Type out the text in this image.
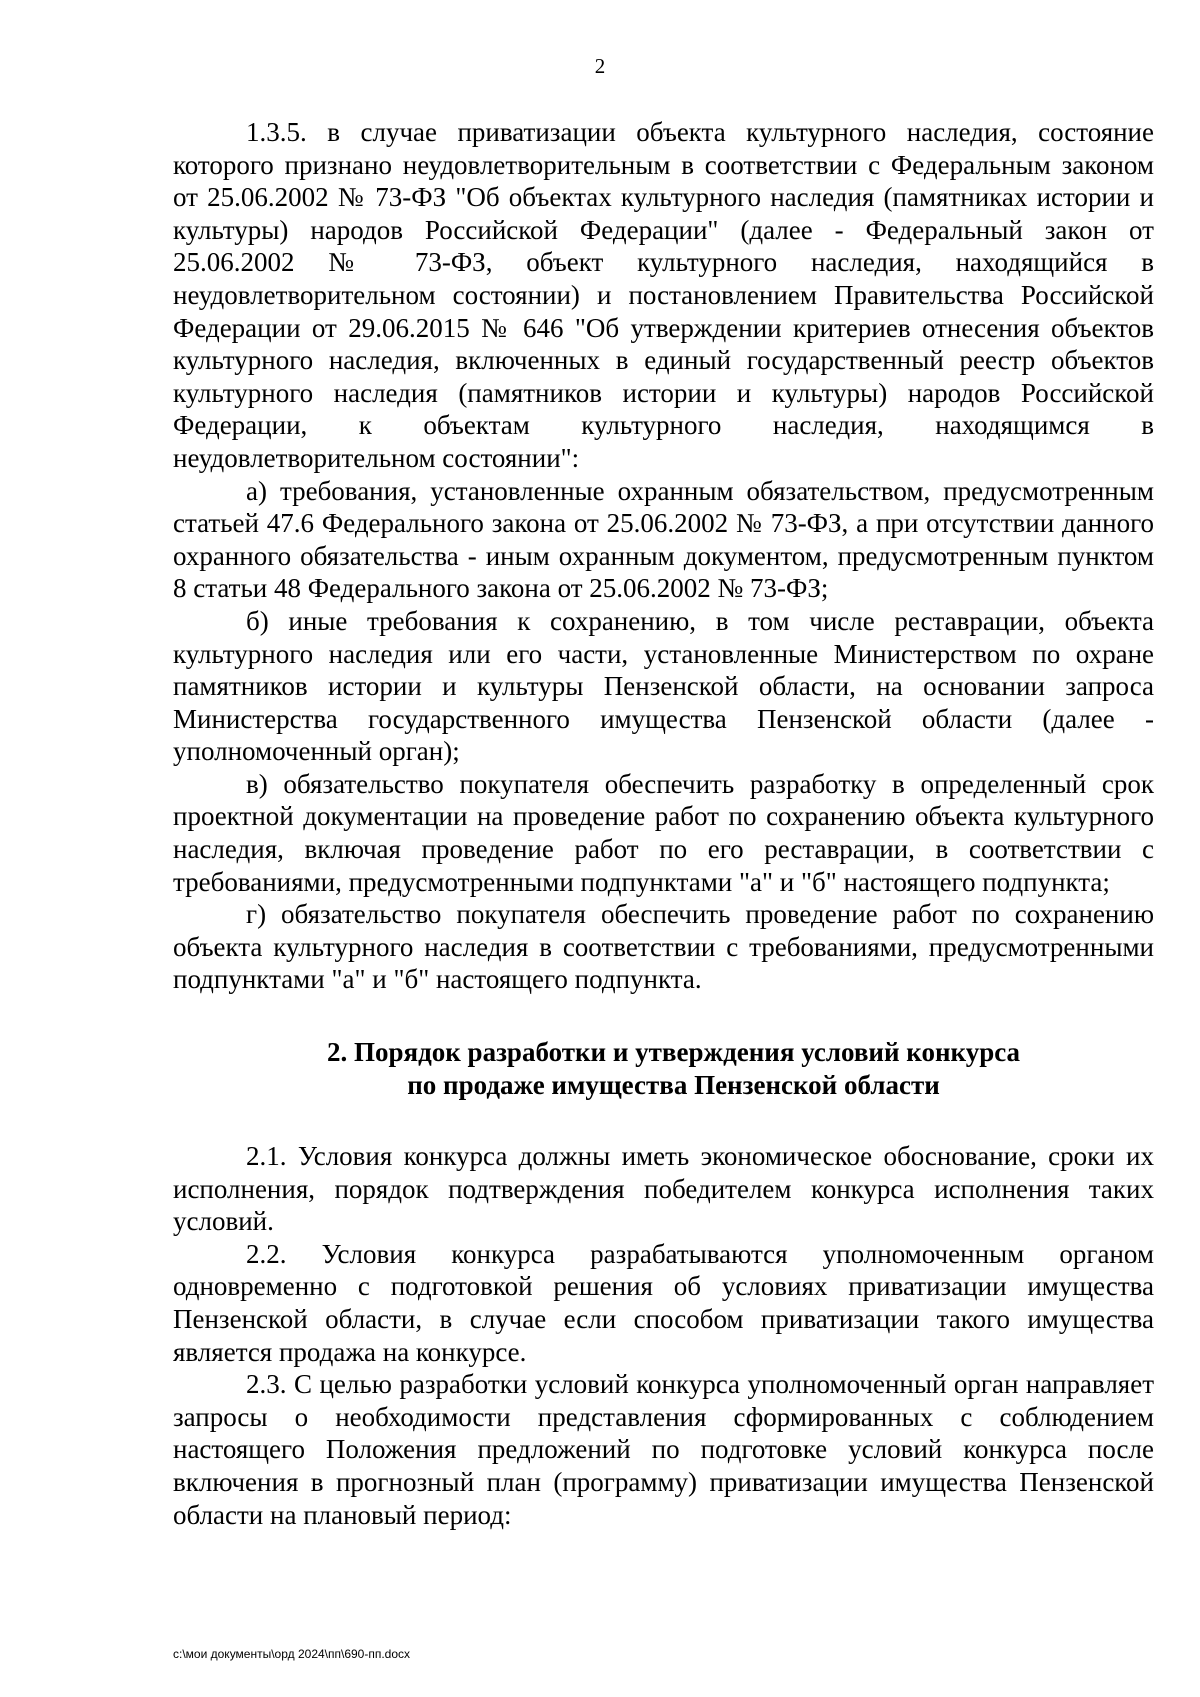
2

1.3.5. в случае приватизации объекта культурного наследия, состояние которого признано неудовлетворительным в соответствии с Федеральным законом от 25.06.2002 № 73-ФЗ "Об объектах культурного наследия (памятниках истории и культуры) народов Российской Федерации" (далее - Федеральный закон от 25.06.2002 № 73-ФЗ, объект культурного наследия, находящийся в неудовлетворительном состоянии) и постановлением Правительства Российской Федерации от 29.06.2015 № 646 "Об утверждении критериев отнесения объектов культурного наследия, включенных в единый государственный реестр объектов культурного наследия (памятников истории и культуры) народов Российской Федерации, к объектам культурного наследия, находящимся в неудовлетворительном состоянии":

а) требования, установленные охранным обязательством, предусмотренным статьей 47.6 Федерального закона от 25.06.2002 № 73-ФЗ, а при отсутствии данного охранного обязательства - иным охранным документом, предусмотренным пунктом 8 статьи 48 Федерального закона от 25.06.2002 № 73-ФЗ;

б) иные требования к сохранению, в том числе реставрации, объекта культурного наследия или его части, установленные Министерством по охране памятников истории и культуры Пензенской области, на основании запроса Министерства государственного имущества Пензенской области (далее - уполномоченный орган);

в) обязательство покупателя обеспечить разработку в определенный срок проектной документации на проведение работ по сохранению объекта культурного наследия, включая проведение работ по его реставрации, в соответствии с требованиями, предусмотренными подпунктами "а" и "б" настоящего подпункта;

г) обязательство покупателя обеспечить проведение работ по сохранению объекта культурного наследия в соответствии с требованиями, предусмотренными подпунктами "а" и "б" настоящего подпункта.

2. Порядок разработки и утверждения условий конкурса
по продаже имущества Пензенской области

2.1. Условия конкурса должны иметь экономическое обоснование, сроки их исполнения, порядок подтверждения победителем конкурса исполнения таких условий.

2.2. Условия конкурса разрабатываются уполномоченным органом одновременно с подготовкой решения об условиях приватизации имущества Пензенской области, в случае если способом приватизации такого имущества является продажа на конкурсе.

2.3. С целью разработки условий конкурса уполномоченный орган направляет запросы о необходимости представления сформированных с соблюдением настоящего Положения предложений по подготовке условий конкурса после включения в прогнозный план (программу) приватизации имущества Пензенской области на плановый период:

c:\мои документы\орд 2024\пп\690-пп.docx
